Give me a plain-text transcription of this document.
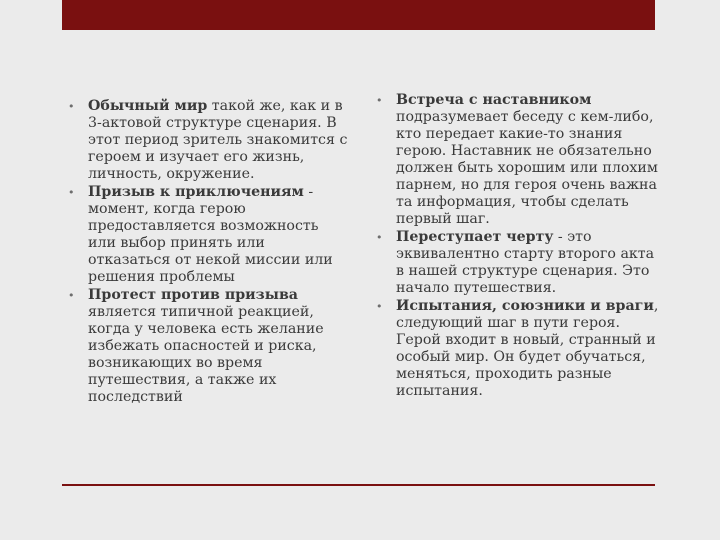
• Обычный мир такой же, как и в 3-актовой структуре сценария. В этот период зритель знакомится с героем и изучает его жизнь, личность, окружение.
• Призыв к приключениям - момент, когда герою предоставляется возможность или выбор принять или отказаться от некой миссии или решения проблемы
• Протест против призыва является типичной реакцией, когда у человека есть желание избежать опасностей и риска, возникающих во время путешествия, а также их последствий
• Встреча с наставником подразумевает беседу с кем-либо, кто передает какие-то знания герою. Наставник не обязательно должен быть хорошим или плохим парнем, но для героя очень важна та информация, чтобы сделать первый шаг.
• Переступает черту - это эквивалентно старту второго акта в нашей структуре сценария. Это начало путешествия.
• Испытания, союзники и враги, следующий шаг в пути героя. Герой входит в новый, странный и особый мир. Он будет обучаться, меняться, проходить разные испытания.
